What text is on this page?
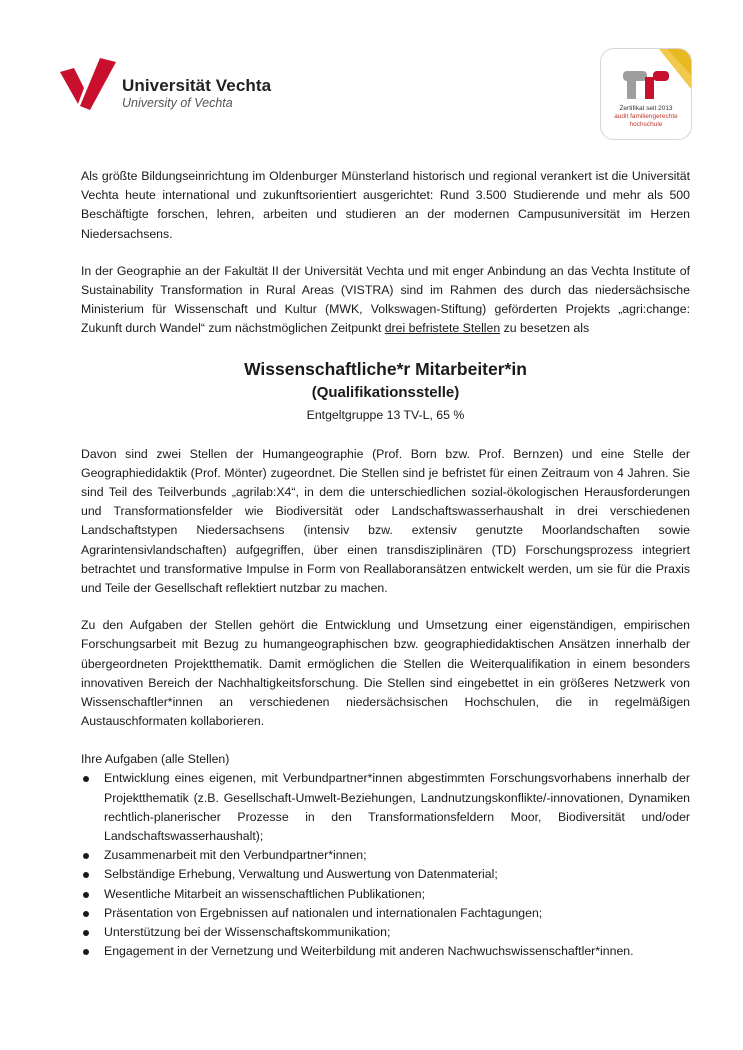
Universität Vechta
University of Vechta	Zertifikat seit 2013
audit familiengerechte
hochschule

Als größte Bildungseinrichtung im Oldenburger Münsterland historisch und regional verankert ist die Universität Vechta heute international und zukunftsorientiert ausgerichtet: Rund 3.500 Studierende und mehr als 500 Beschäftigte forschen, lehren, arbeiten und studieren an der modernen Campusuniversität im Herzen Niedersachsens.

In der Geographie an der Fakultät II der Universität Vechta und mit enger Anbindung an das Vechta Institute of Sustainability Transformation in Rural Areas (VISTRA) sind im Rahmen des durch das niedersächsische Ministerium für Wissenschaft und Kultur (MWK, Volkswagen-Stiftung) geförderten Projekts „agri:change: Zukunft durch Wandel“ zum nächstmöglichen Zeitpunkt drei befristete Stellen zu besetzen als

Wissenschaftliche*r Mitarbeiter*in
(Qualifikationsstelle)
Entgeltgruppe 13 TV-L, 65 %

Davon sind zwei Stellen der Humangeographie (Prof. Born bzw. Prof. Bernzen) und eine Stelle der Geographiedidaktik (Prof. Mönter) zugeordnet. Die Stellen sind je befristet für einen Zeitraum von 4 Jahren. Sie sind Teil des Teilverbunds „agrilab:X4“, in dem die unterschiedlichen sozial-ökologischen Herausforderungen und Transformationsfelder wie Biodiversität oder Landschaftswasserhaushalt in drei verschiedenen Landschaftstypen Niedersachsens (intensiv bzw. extensiv genutzte Moorlandschaften sowie Agrarintensivlandschaften) aufgegriffen, über einen transdisziplinären (TD) Forschungsprozess integriert betrachtet und transformative Impulse in Form von Reallaboransätzen entwickelt werden, um sie für die Praxis und Teile der Gesellschaft reflektiert nutzbar zu machen.

Zu den Aufgaben der Stellen gehört die Entwicklung und Umsetzung einer eigenständigen, empirischen Forschungsarbeit mit Bezug zu humangeographischen bzw. geographiedidaktischen Ansätzen innerhalb der übergeordneten Projektthematik. Damit ermöglichen die Stellen die Weiterqualifikation in einem besonders innovativen Bereich der Nachhaltigkeitsforschung. Die Stellen sind eingebettet in ein größeres Netzwerk von Wissenschaftler*innen an verschiedenen niedersächsischen Hochschulen, die in regelmäßigen Austauschformaten kollaborieren.

Ihre Aufgaben (alle Stellen)
Entwicklung eines eigenen, mit Verbundpartner*innen abgestimmten Forschungsvorhabens innerhalb der Projektthematik (z.B. Gesellschaft-Umwelt-Beziehungen, Landnutzungskonflikte/-innovationen, Dynamiken rechtlich-planerischer Prozesse in den Transformationsfeldern Moor, Biodiversität und/oder Landschaftswasserhaushalt);
Zusammenarbeit mit den Verbundpartner*innen;
Selbständige Erhebung, Verwaltung und Auswertung von Datenmaterial;
Wesentliche Mitarbeit an wissenschaftlichen Publikationen;
Präsentation von Ergebnissen auf nationalen und internationalen Fachtagungen;
Unterstützung bei der Wissenschaftskommunikation;
Engagement in der Vernetzung und Weiterbildung mit anderen Nachwuchswissenschaftler*innen.
